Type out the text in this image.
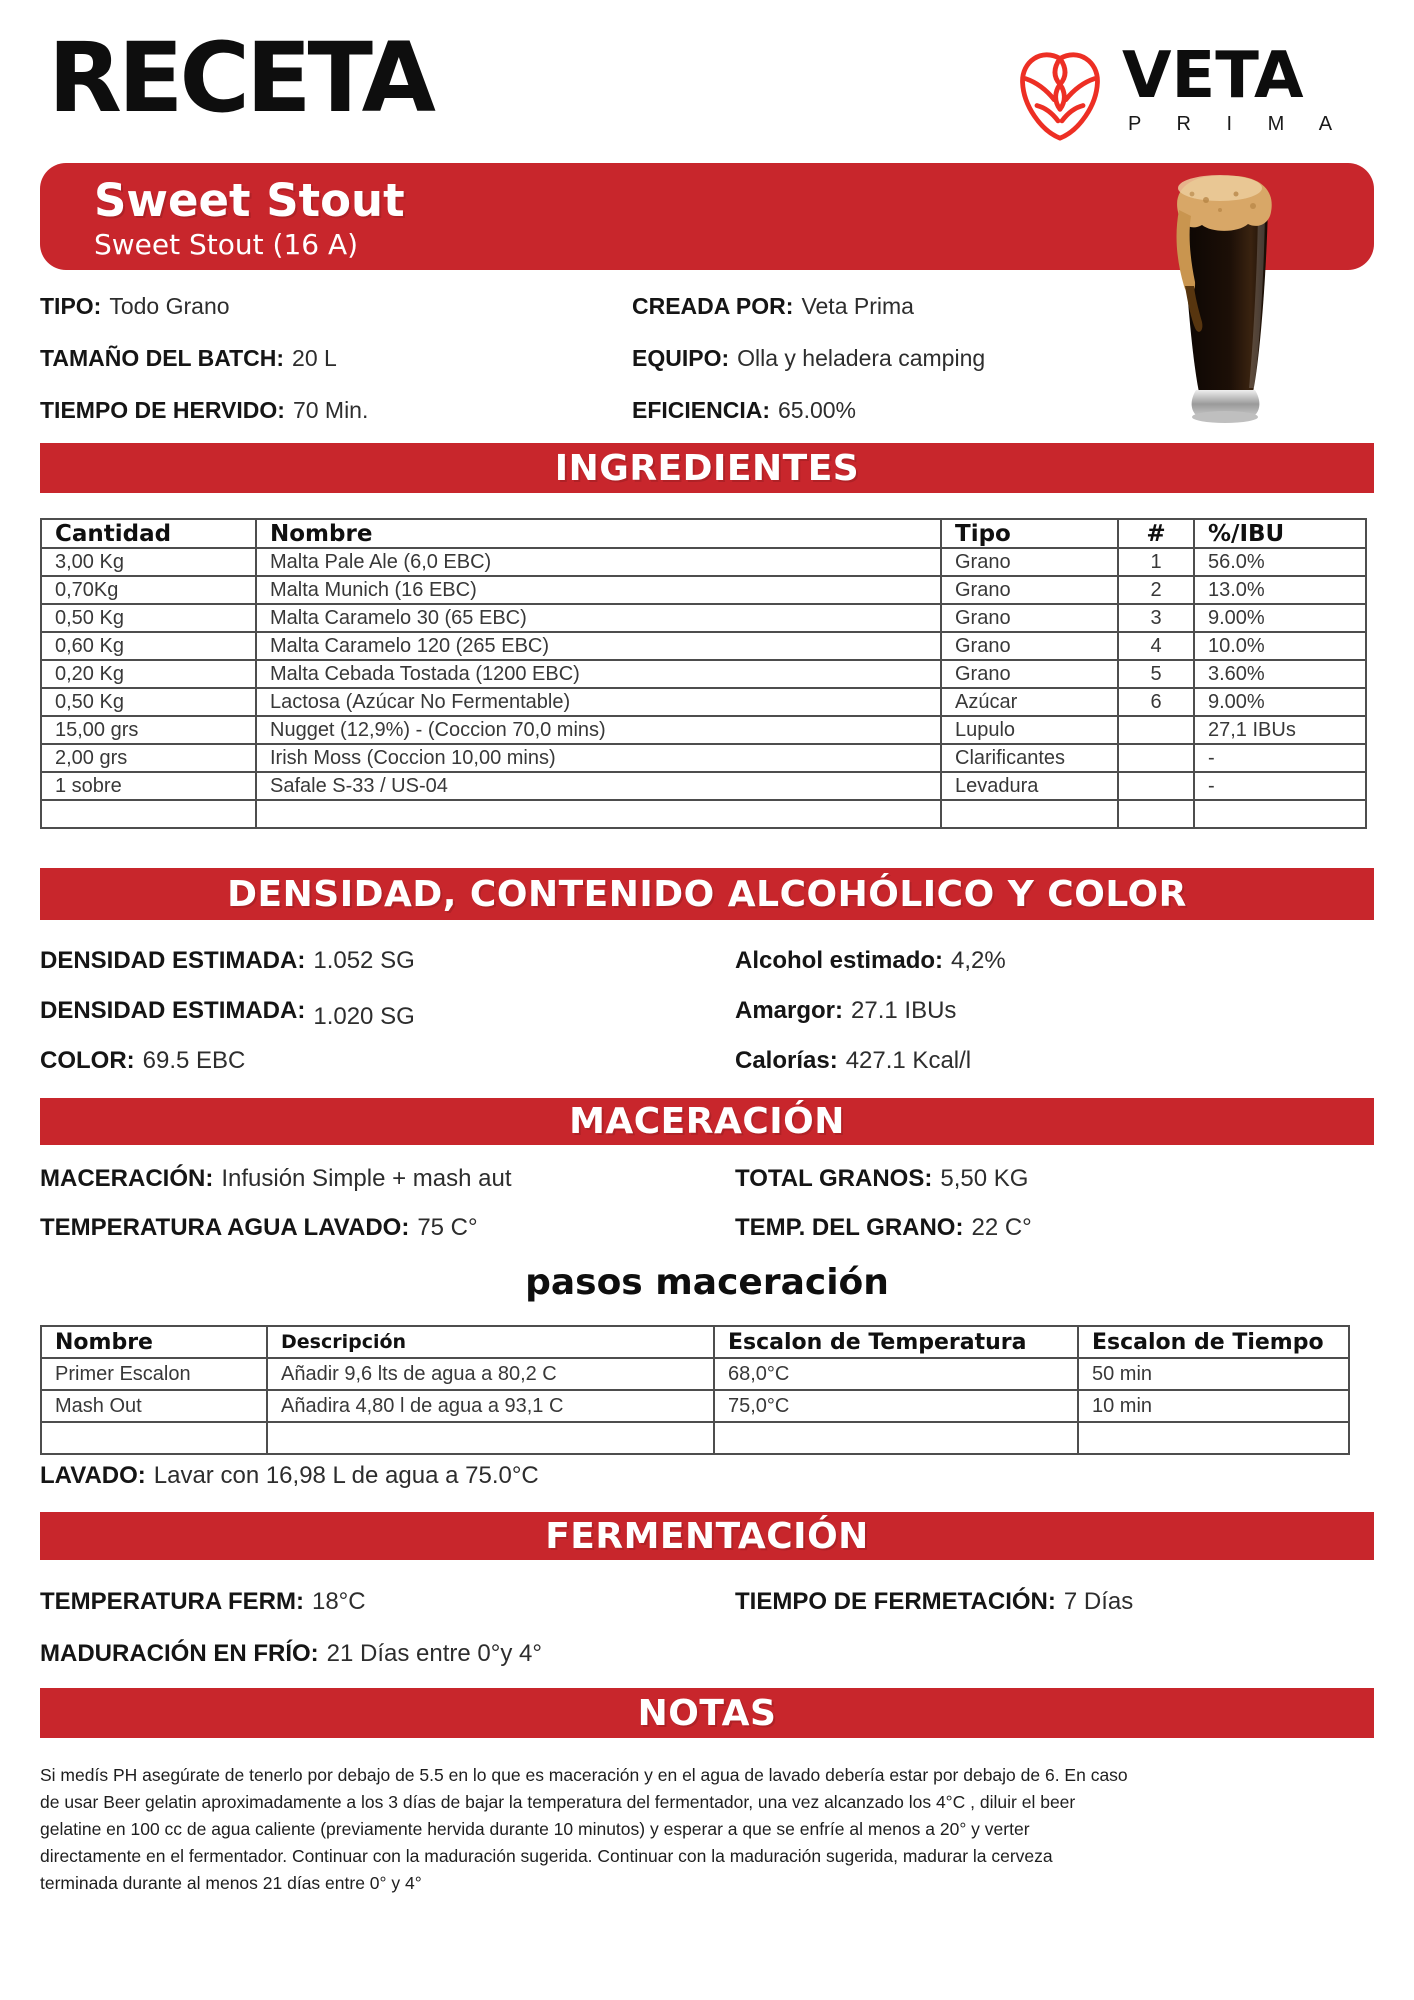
RECETA	VETA
P R I M A
Sweet Stout
Sweet Stout (16 A)
TIPO: Todo Grano	CREADA POR: Veta Prima
TAMAÑO DEL BATCH: 20 L	EQUIPO: Olla y heladera camping
TIEMPO DE HERVIDO: 70 Min.	EFICIENCIA: 65.00%
INGREDIENTES
Cantidad	Nombre	Tipo	#	%/IBU
3,00 Kg	Malta Pale Ale (6,0 EBC)	Grano	1	56.0%
0,70Kg	Malta Munich (16 EBC)	Grano	2	13.0%
0,50 Kg	Malta Caramelo 30 (65 EBC)	Grano	3	9.00%
0,60 Kg	Malta Caramelo 120 (265 EBC)	Grano	4	10.0%
0,20 Kg	Malta Cebada Tostada (1200 EBC)	Grano	5	3.60%
0,50 Kg	Lactosa (Azúcar No Fermentable)	Azúcar	6	9.00%
15,00 grs	Nugget (12,9%) - (Coccion 70,0 mins)	Lupulo		27,1 IBUs
2,00 grs	Irish Moss (Coccion 10,00 mins)	Clarificantes		-
1 sobre	Safale S-33 / US-04	Levadura		-

DENSIDAD, CONTENIDO ALCOHÓLICO Y COLOR
DENSIDAD ESTIMADA: 1.052 SG	Alcohol estimado: 4,2%
DENSIDAD ESTIMADA: 1.020 SG	Amargor: 27.1 IBUs
COLOR: 69.5 EBC	Calorías: 427.1 Kcal/l
MACERACIÓN
MACERACIÓN: Infusión Simple + mash aut	TOTAL GRANOS: 5,50 KG
TEMPERATURA AGUA LAVADO: 75 C°	TEMP. DEL GRANO: 22 C°
pasos maceración
Nombre	Descripción	Escalon de Temperatura	Escalon de Tiempo
Primer Escalon	Añadir 9,6 lts de agua a 80,2 C	68,0°C	50 min
Mash Out	Añadira 4,80 l de agua a 93,1 C	75,0°C	10 min

LAVADO: Lavar con 16,98 L de agua a 75.0°C
FERMENTACIÓN
TEMPERATURA FERM: 18°C	TIEMPO DE FERMETACIÓN: 7 Días
MADURACIÓN EN FRÍO: 21 Días entre 0°y 4°
NOTAS
Si medís PH asegúrate de tenerlo por debajo de 5.5 en lo que es maceración y en el agua de lavado debería estar por debajo de 6. En caso de usar Beer gelatin aproximadamente a los 3 días de bajar la temperatura del fermentador, una vez alcanzado los 4°C , diluir el beer gelatine en 100 cc de agua caliente (previamente hervida durante 10 minutos) y esperar a que se enfríe al menos a 20° y verter directamente en el fermentador. Continuar con la maduración sugerida. Continuar con la maduración sugerida, madurar la cerveza terminada durante al menos 21 días entre 0° y 4°
